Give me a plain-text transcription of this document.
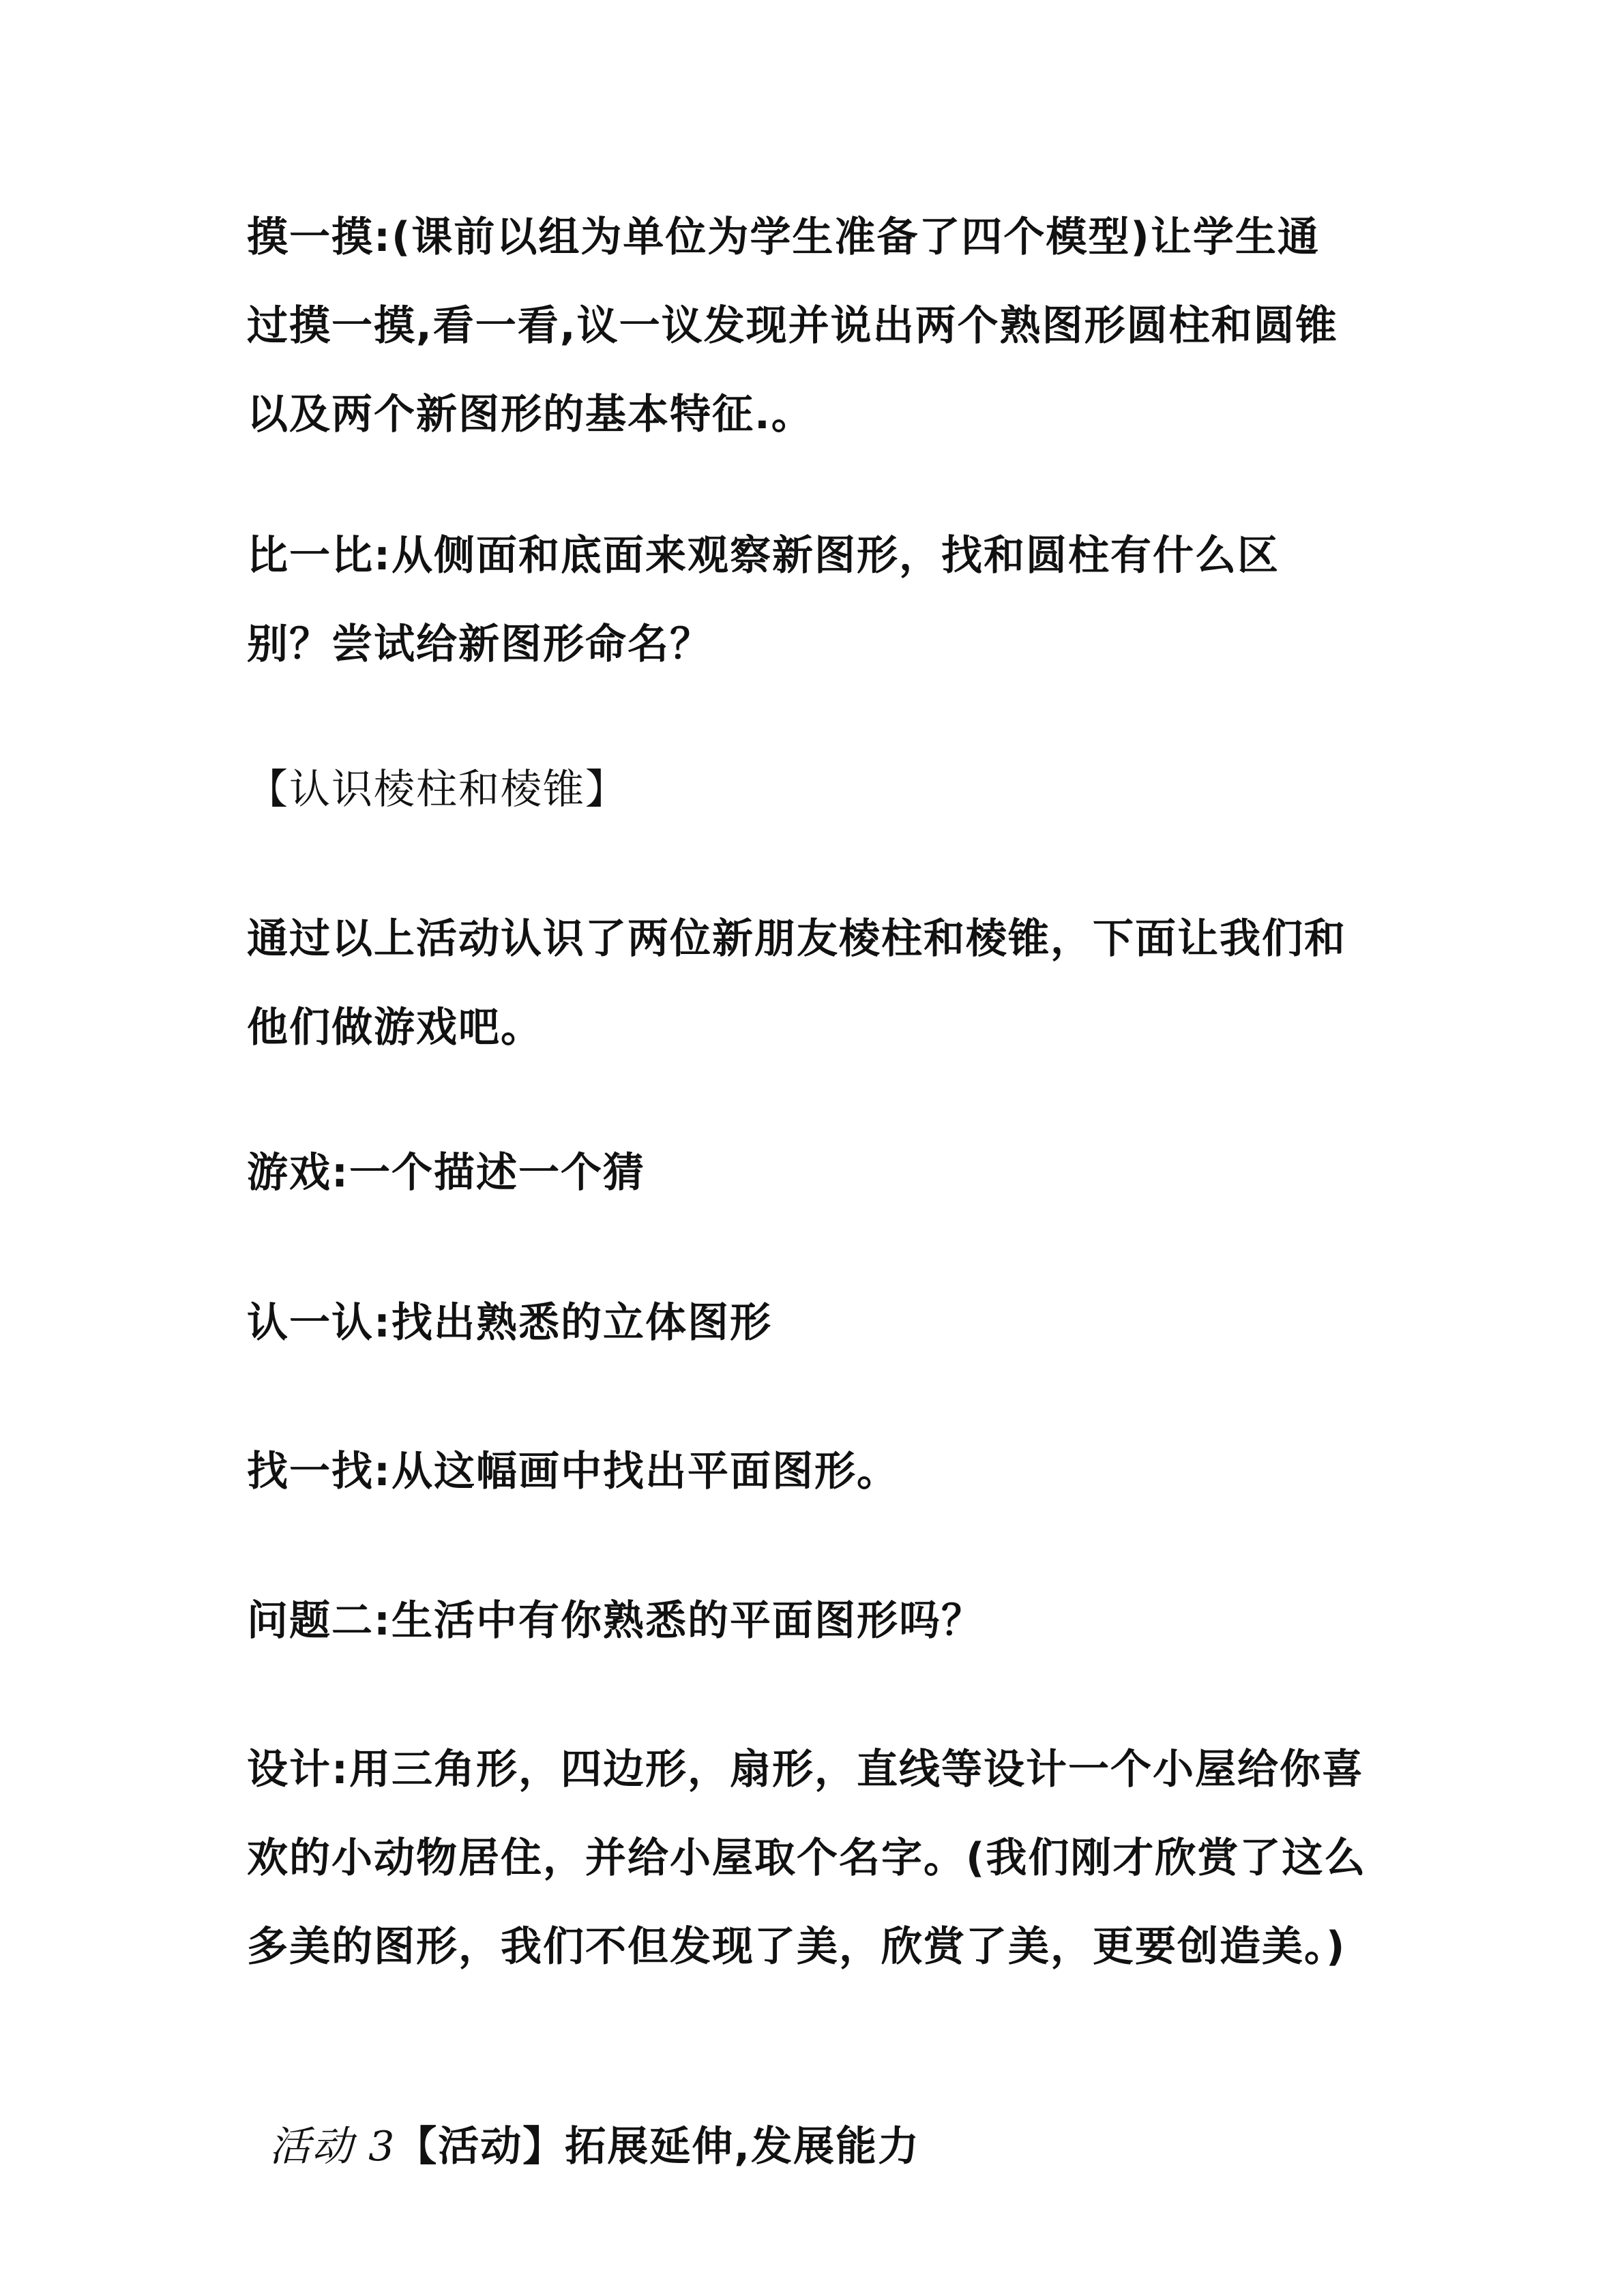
摸一摸:(课前以组为单位为学生准备了四个模型)让学生通
过摸一摸,看一看,议一议发现并说出两个熟图形圆柱和圆锥
以及两个新图形的基本特征.。
比一比:从侧面和底面来观察新图形，找和圆柱有什么区
别？尝试给新图形命名？
【认识棱柱和棱锥】
通过以上活动认识了两位新朋友棱柱和棱锥，下面让我们和
他们做游戏吧。
游戏:一个描述一个猜
认一认:找出熟悉的立体图形
找一找:从这幅画中找出平面图形。
问题二:生活中有你熟悉的平面图形吗？
设计:用三角形，四边形，扇形，直线等设计一个小屋给你喜
欢的小动物居住，并给小屋取个名字。(我们刚才欣赏了这么
多美的图形，我们不但发现了美，欣赏了美，更要创造美。)
活动 3【活动】拓展延伸,发展能力
